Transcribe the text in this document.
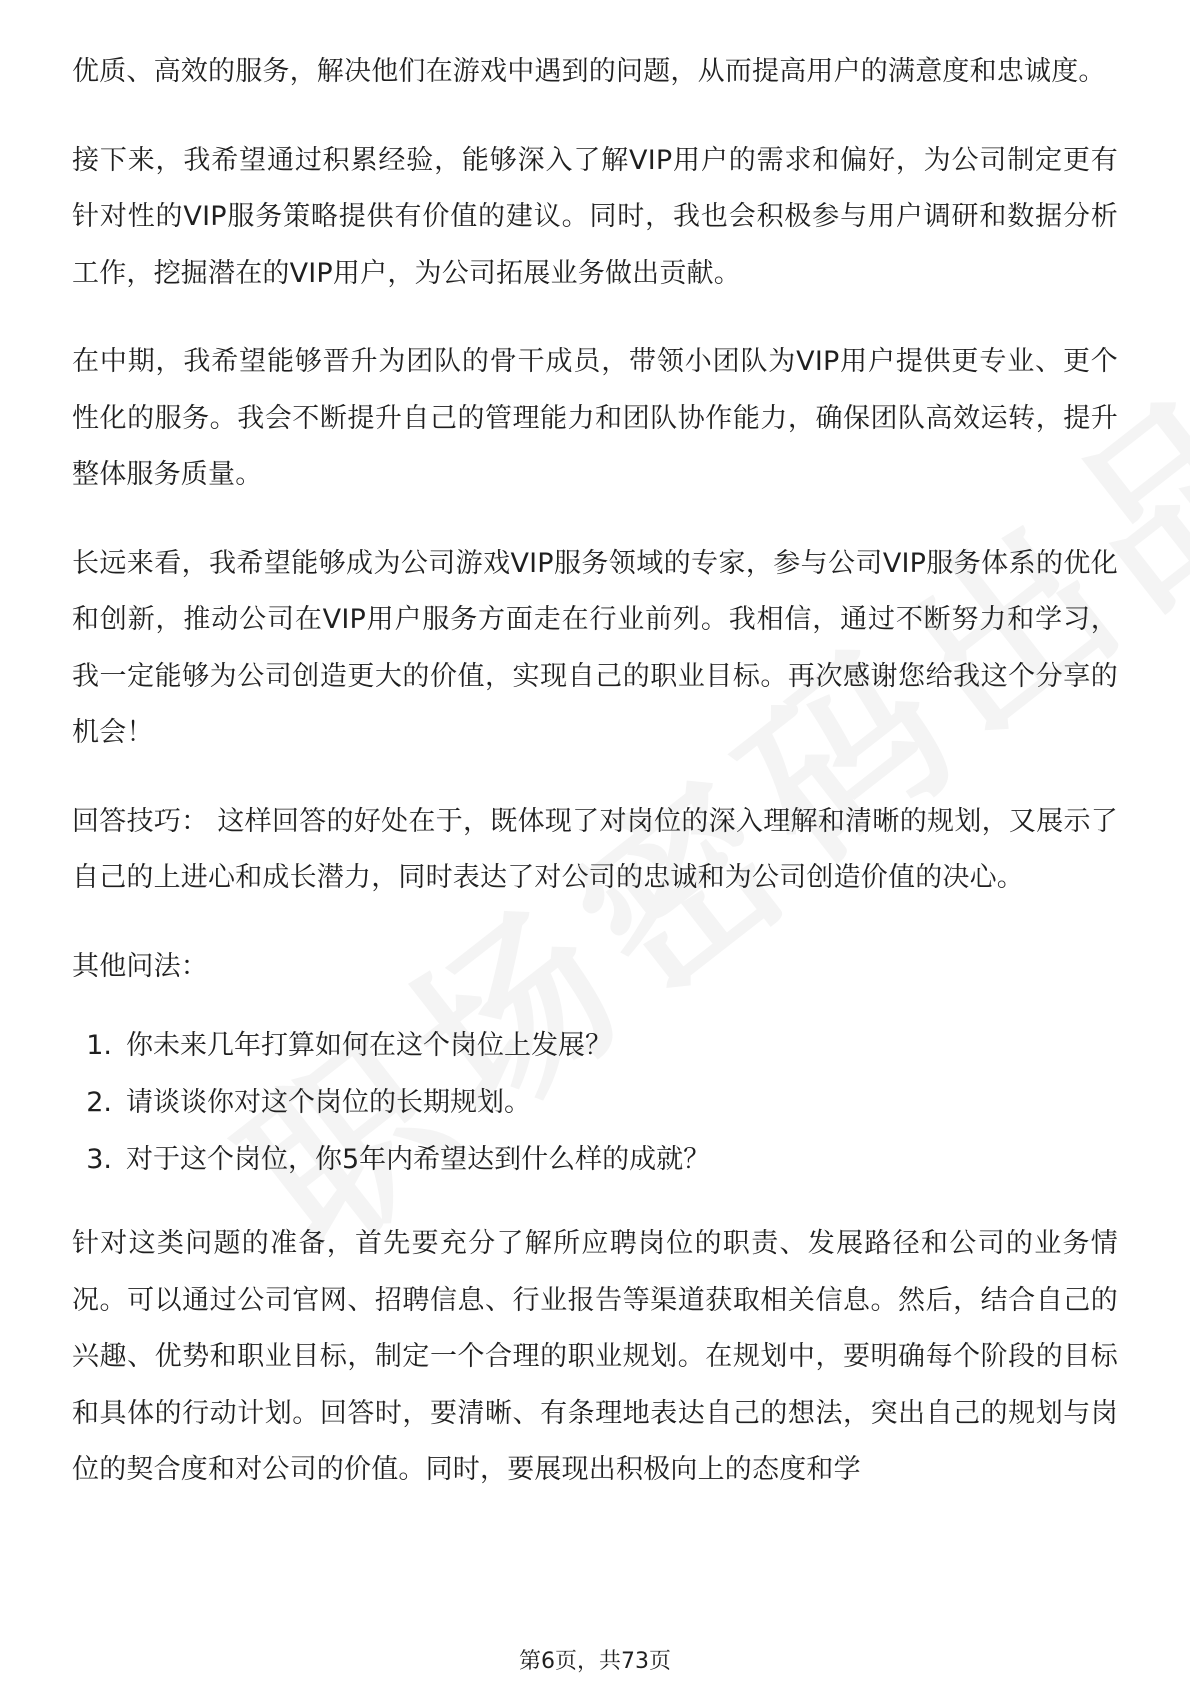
优质、高效的服务，解决他们在游戏中遇到的问题，从而提高用户的满意度和忠诚度。

接下来，我希望通过积累经验，能够深入了解VIP用户的需求和偏好，为公司制定更有针对性的VIP服务策略提供有价值的建议。同时，我也会积极参与用户调研和数据分析工作，挖掘潜在的VIP用户，为公司拓展业务做出贡献。

在中期，我希望能够晋升为团队的骨干成员，带领小团队为VIP用户提供更专业、更个性化的服务。我会不断提升自己的管理能力和团队协作能力，确保团队高效运转，提升整体服务质量。

长远来看，我希望能够成为公司游戏VIP服务领域的专家，参与公司VIP服务体系的优化和创新，推动公司在VIP用户服务方面走在行业前列。我相信，通过不断努力和学习，我一定能够为公司创造更大的价值，实现自己的职业目标。再次感谢您给我这个分享的机会！

回答技巧： 这样回答的好处在于，既体现了对岗位的深入理解和清晰的规划，又展示了自己的上进心和成长潜力，同时表达了对公司的忠诚和为公司创造价值的决心。

其他问法：

1. 你未来几年打算如何在这个岗位上发展？
2. 请谈谈你对这个岗位的长期规划。
3. 对于这个岗位，你5年内希望达到什么样的成就？

针对这类问题的准备，首先要充分了解所应聘岗位的职责、发展路径和公司的业务情况。可以通过公司官网、招聘信息、行业报告等渠道获取相关信息。然后，结合自己的兴趣、优势和职业目标，制定一个合理的职业规划。在规划中，要明确每个阶段的目标和具体的行动计划。回答时，要清晰、有条理地表达自己的想法，突出自己的规划与岗位的契合度和对公司的价值。同时，要展现出积极向上的态度和学

第6页，共73页
